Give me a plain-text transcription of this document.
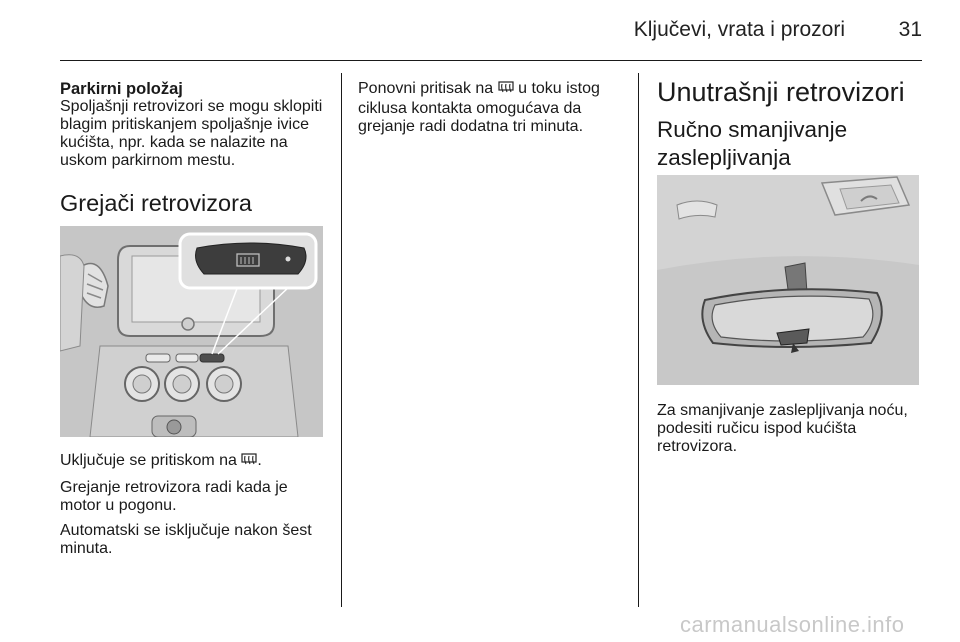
Ključevi, vrata i prozori	31
Parkirni položaj

Spoljašnji retrovizori se mogu sklopiti blagim pritiskanjem spoljašnje ivice kućišta, npr. kada se nalazite na uskom parkirnom mestu.

Grejači retrovizora

Uključuje se pritiskom na .

Grejanje retrovizora radi kada je motor u pogonu.

Automatski se isključuje nakon šest minuta.

Ponovni pritisak na u toku istog ciklusa kontakta omogućava da grejanje radi dodatna tri minuta.

Unutrašnji retrovizori
Ručno smanjivanje zaslepljivanja

Za smanjivanje zaslepljivanja noću, podesiti ručicu ispod kućišta retrovizora.

carmanualsonline.info
